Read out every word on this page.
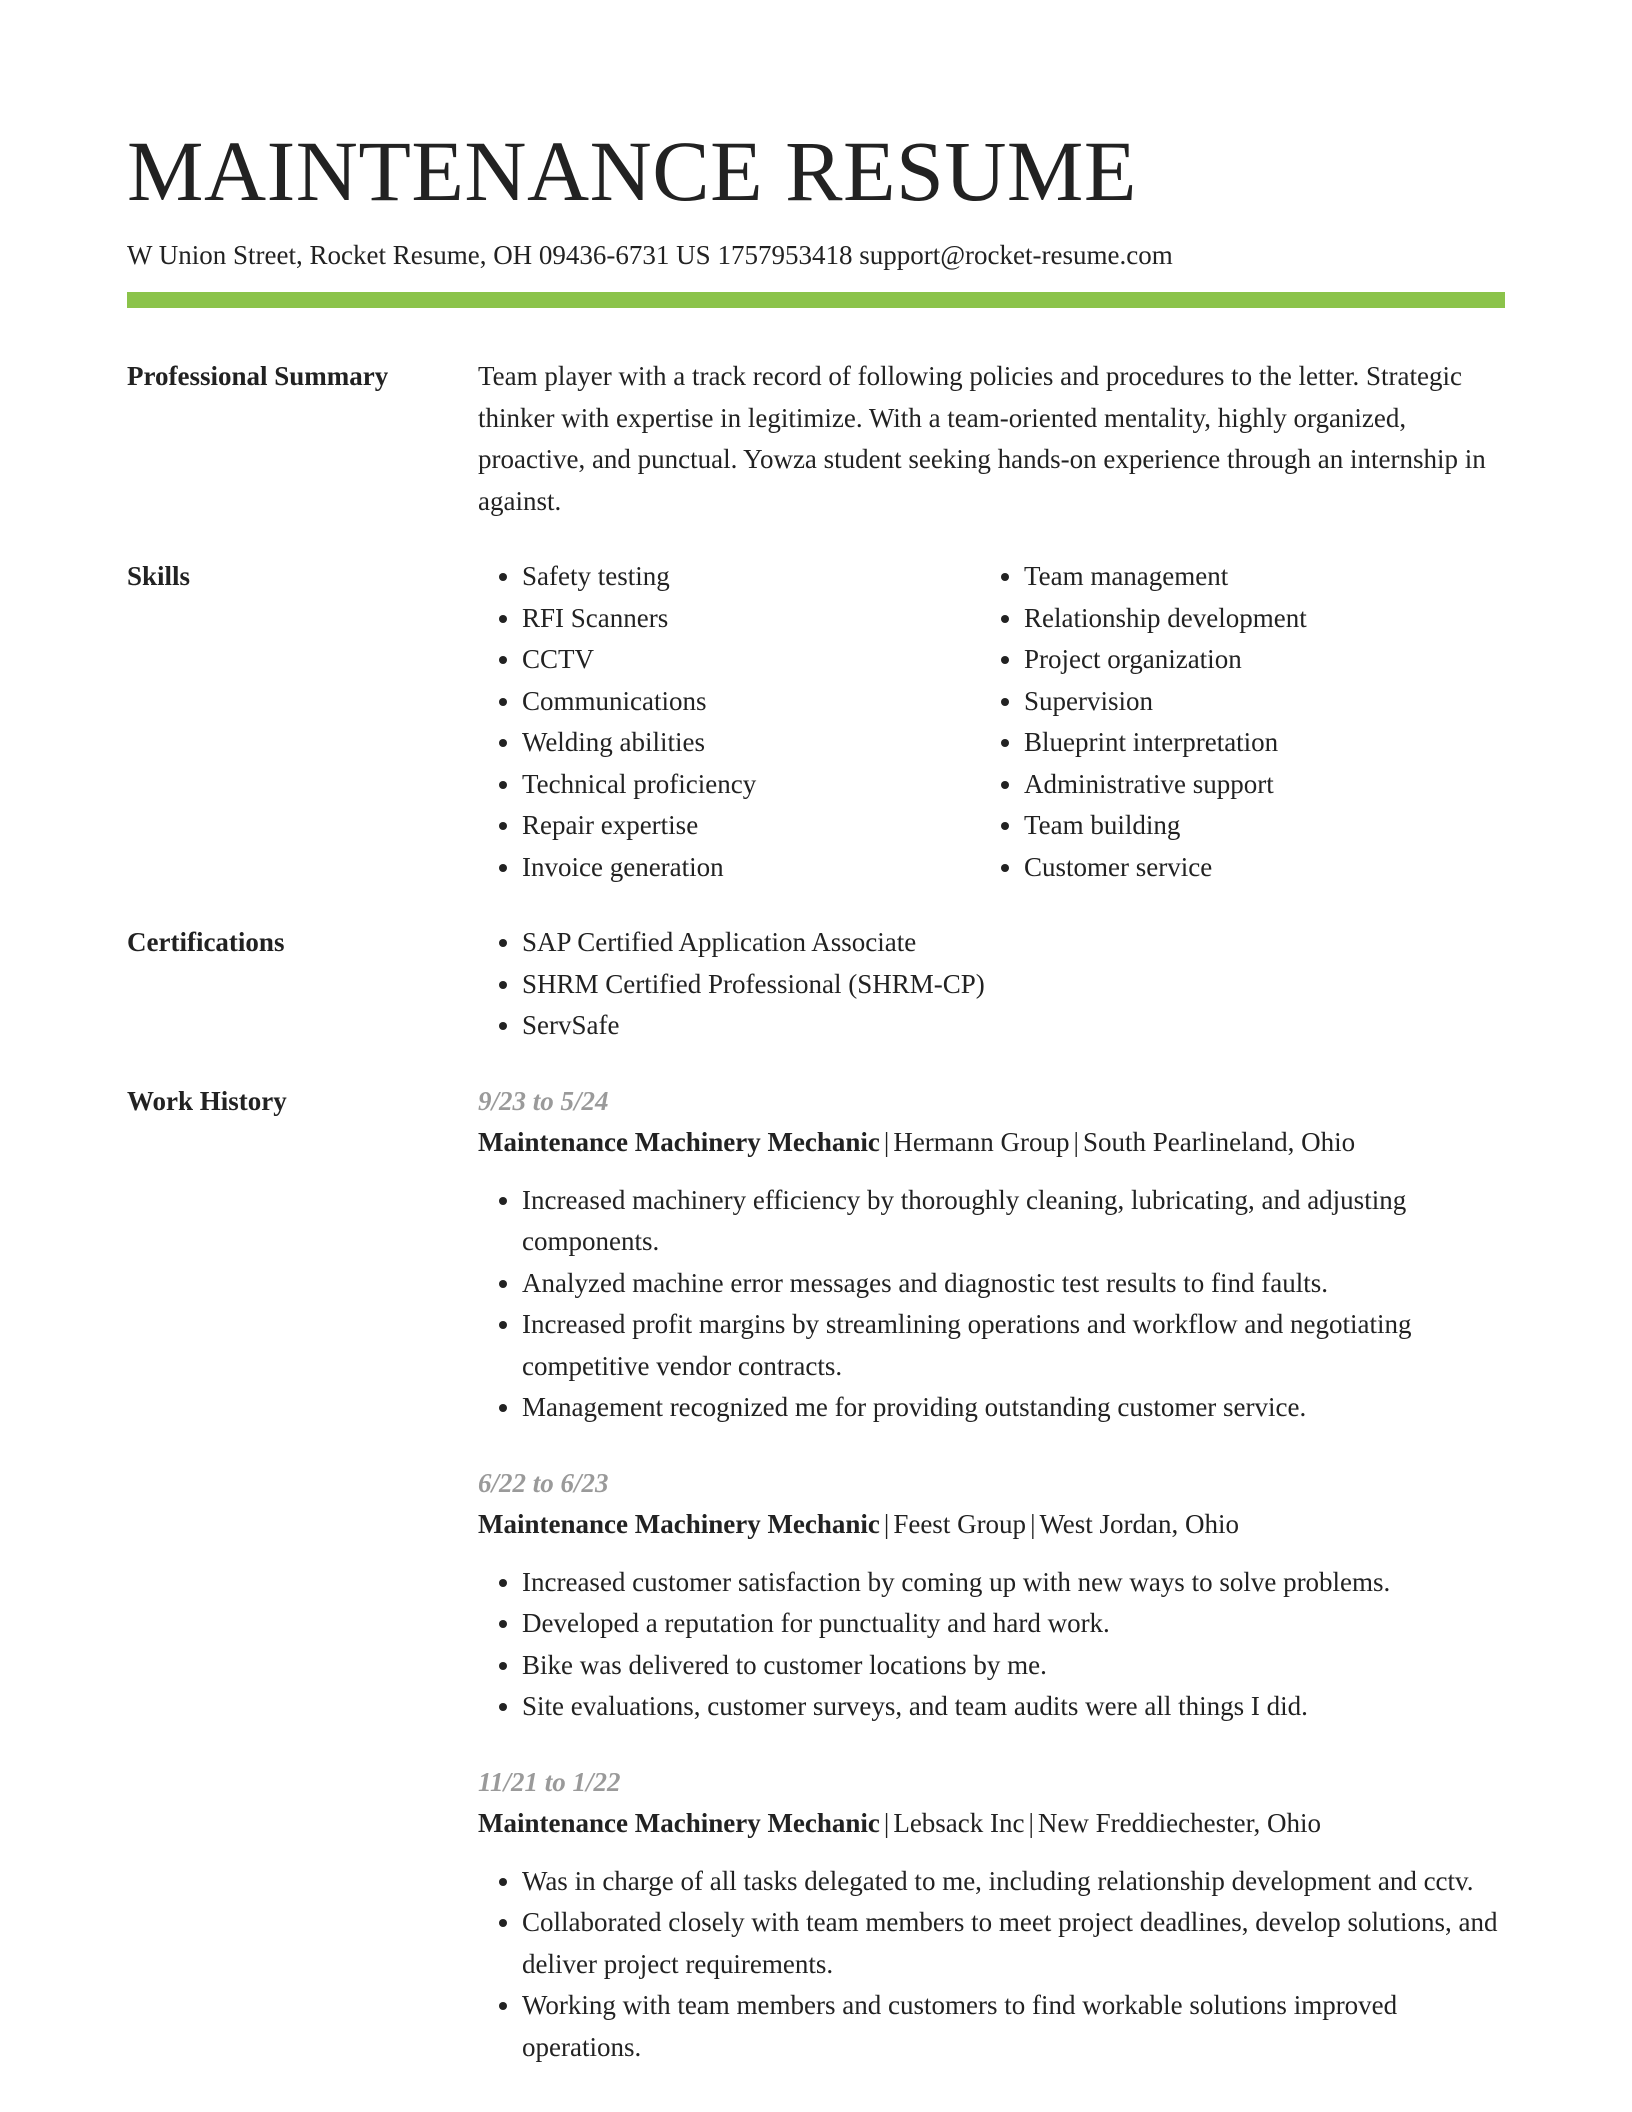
MAINTENANCE RESUME
W Union Street, Rocket Resume, OH 09436-6731 US 1757953418 support@rocket-resume.com
Professional Summary	Team player with a track record of following policies and procedures to the letter. Strategic thinker with expertise in legitimize. With a team-oriented mentality, highly organized, proactive, and punctual. Yowza student seeking hands-on experience through an internship in against.

Skills	• Safety testing
• RFI Scanners
• CCTV
• Communications
• Welding abilities
• Technical proficiency
• Repair expertise
• Invoice generation
• Team management
• Relationship development
• Project organization
• Supervision
• Blueprint interpretation
• Administrative support
• Team building
• Customer service
Certifications	• SAP Certified Application Associate
• SHRM Certified Professional (SHRM-CP)
• ServSafe
Work History	9/23 to 5/24
Maintenance Machinery Mechanic | Hermann Group | South Pearlineland, Ohio
• Increased machinery efficiency by thoroughly cleaning, lubricating, and adjusting components.
• Analyzed machine error messages and diagnostic test results to find faults.
• Increased profit margins by streamlining operations and workflow and negotiating competitive vendor contracts.
• Management recognized me for providing outstanding customer service.
6/22 to 6/23
Maintenance Machinery Mechanic | Feest Group | West Jordan, Ohio
• Increased customer satisfaction by coming up with new ways to solve problems.
• Developed a reputation for punctuality and hard work.
• Bike was delivered to customer locations by me.
• Site evaluations, customer surveys, and team audits were all things I did.
11/21 to 1/22
Maintenance Machinery Mechanic | Lebsack Inc | New Freddiechester, Ohio
• Was in charge of all tasks delegated to me, including relationship development and cctv.
• Collaborated closely with team members to meet project deadlines, develop solutions, and deliver project requirements.
• Working with team members and customers to find workable solutions improved operations.
